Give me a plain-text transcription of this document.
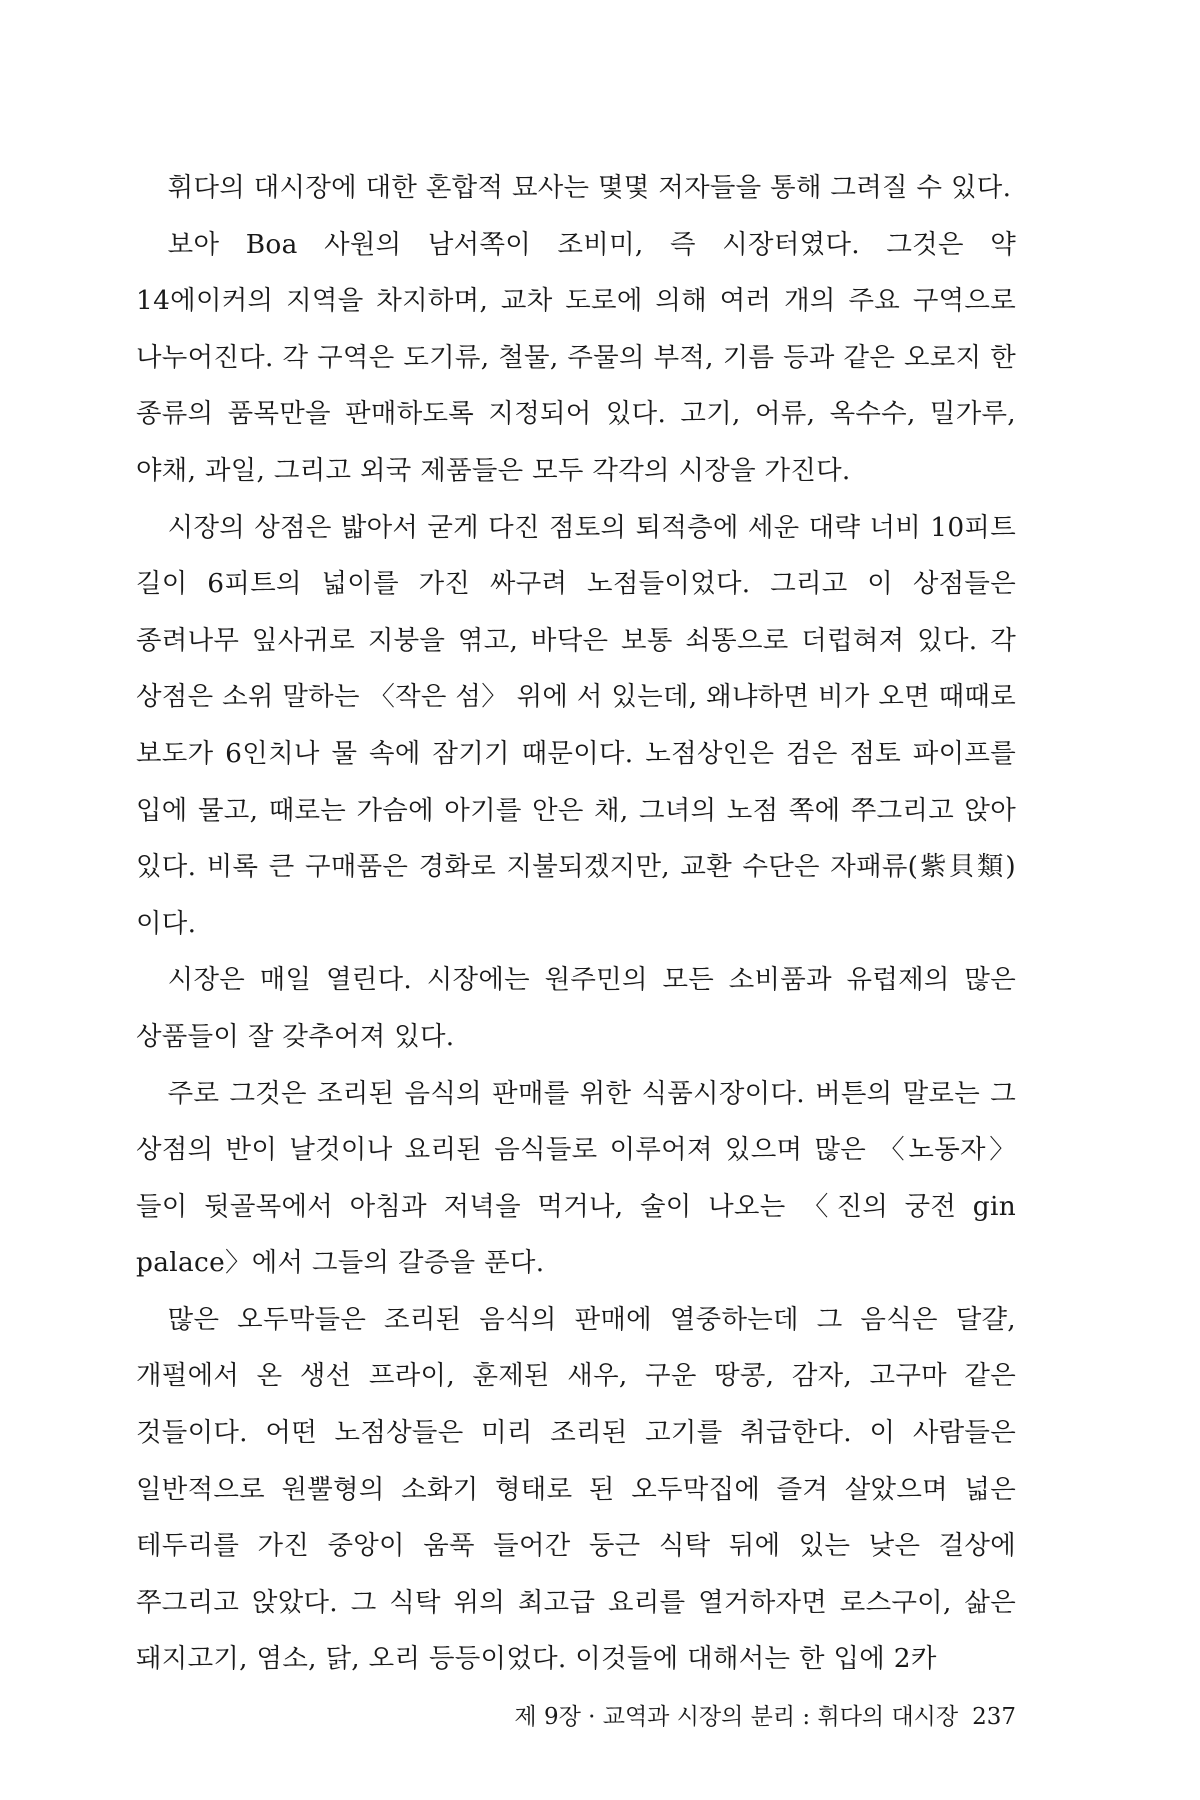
휘다의 대시장에 대한 혼합적 묘사는 몇몇 저자들을 통해 그려질 수 있다.

보아 Boa 사원의 남서쪽이 조비미, 즉 시장터였다. 그것은 약 14에이커의 지역을 차지하며, 교차 도로에 의해 여러 개의 주요 구역으로 나누어진다. 각 구역은 도기류, 철물, 주물의 부적, 기름 등과 같은 오로지 한 종류의 품목만을 판매하도록 지정되어 있다. 고기, 어류, 옥수수, 밀가루, 야채, 과일, 그리고 외국 제품들은 모두 각각의 시장을 가진다.

시장의 상점은 밟아서 굳게 다진 점토의 퇴적층에 세운 대략 너비 10피트 길이 6피트의 넓이를 가진 싸구려 노점들이었다. 그리고 이 상점들은 종려나무 잎사귀로 지붕을 엮고, 바닥은 보통 쇠똥으로 더럽혀져 있다. 각 상점은 소위 말하는 〈작은 섬〉 위에 서 있는데, 왜냐하면 비가 오면 때때로 보도가 6인치나 물 속에 잠기기 때문이다. 노점상인은 검은 점토 파이프를 입에 물고, 때로는 가슴에 아기를 안은 채, 그녀의 노점 쪽에 쭈그리고 앉아 있다. 비록 큰 구매품은 경화로 지불되겠지만, 교환 수단은 자패류(紫貝類)이다.

시장은 매일 열린다. 시장에는 원주민의 모든 소비품과 유럽제의 많은 상품들이 잘 갖추어져 있다.

주로 그것은 조리된 음식의 판매를 위한 식품시장이다. 버튼의 말로는 그 상점의 반이 날것이나 요리된 음식들로 이루어져 있으며 많은 〈노동자〉들이 뒷골목에서 아침과 저녁을 먹거나, 술이 나오는 〈진의 궁전 gin palace〉에서 그들의 갈증을 푼다.

많은 오두막들은 조리된 음식의 판매에 열중하는데 그 음식은 달걀, 개펄에서 온 생선 프라이, 훈제된 새우, 구운 땅콩, 감자, 고구마 같은 것들이다. 어떤 노점상들은 미리 조리된 고기를 취급한다. 이 사람들은 일반적으로 원뿔형의 소화기 형태로 된 오두막집에 즐겨 살았으며 넓은 테두리를 가진 중앙이 움푹 들어간 둥근 식탁 뒤에 있는 낮은 걸상에 쭈그리고 앉았다. 그 식탁 위의 최고급 요리를 열거하자면 로스구이, 삶은 돼지고기, 염소, 닭, 오리 등등이었다. 이것들에 대해서는 한 입에 2카

제 9장 · 교역과 시장의 분리 : 휘다의 대시장 237
